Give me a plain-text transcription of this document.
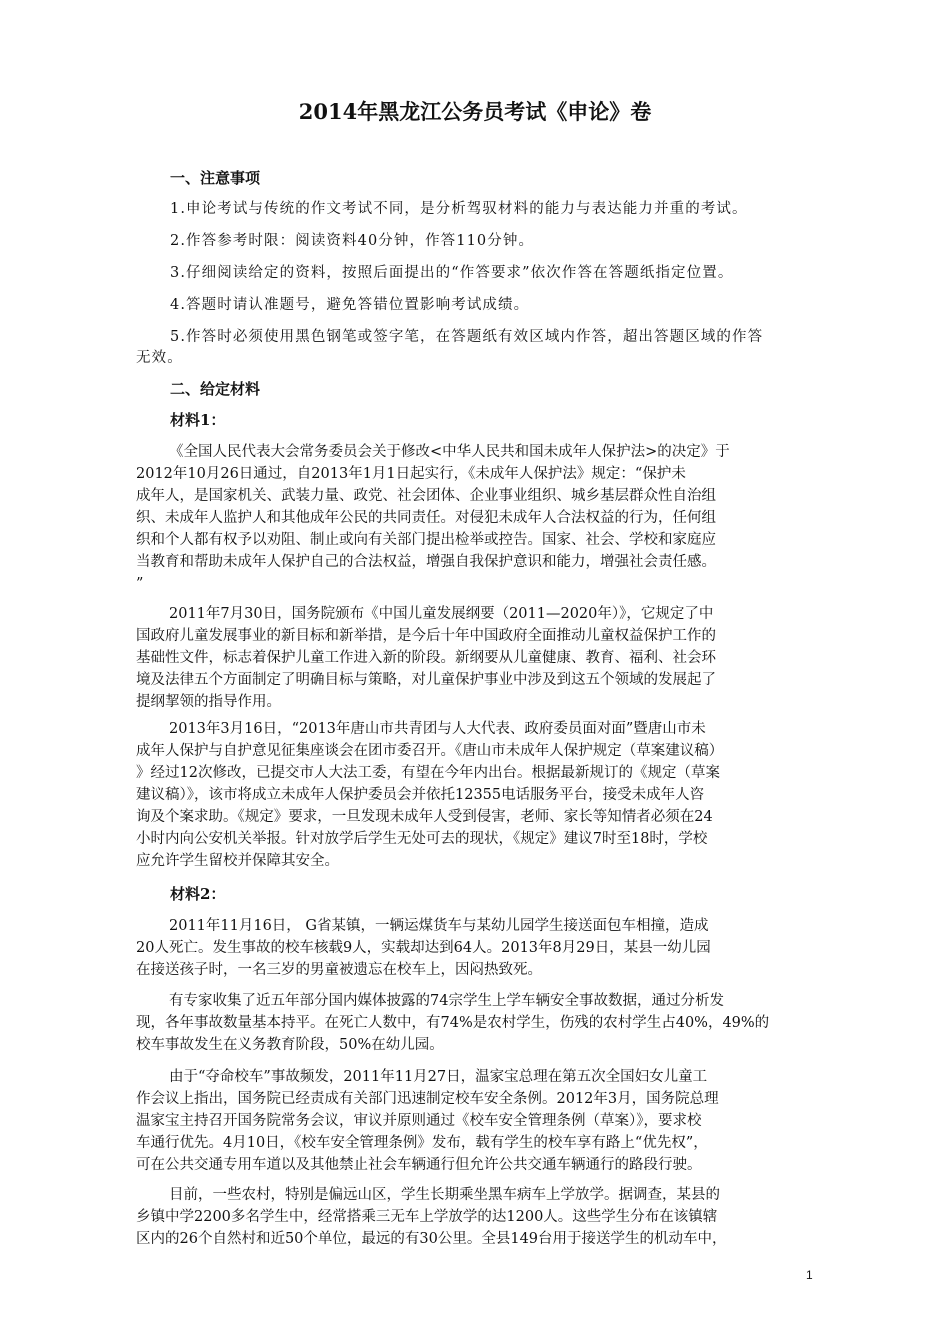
2014年黑龙江公务员考试《申论》卷
一、注意事项
1.申论考试与传统的作文考试不同，是分析驾驭材料的能力与表达能力并重的考试。
2.作答参考时限：阅读资料40分钟，作答110分钟。
3.仔细阅读给定的资料，按照后面提出的“作答要求”依次作答在答题纸指定位置。
4.答题时请认准题号，避免答错位置影响考试成绩。
5.作答时必须使用黑色钢笔或签字笔，在答题纸有效区域内作答，超出答题区域的作答
无效。
二、给定材料
材料1：
《全国人民代表大会常务委员会关于修改<中华人民共和国未成年人保护法>的决定》于
2012年10月26日通过，自2013年1月1日起实行，《未成年人保护法》规定：“保护未
成年人，是国家机关、武装力量、政党、社会团体、企业事业组织、城乡基层群众性自治组
织、未成年人监护人和其他成年公民的共同责任。对侵犯未成年人合法权益的行为，任何组
织和个人都有权予以劝阻、制止或向有关部门提出检举或控告。国家、社会、学校和家庭应
当教育和帮助未成年人保护自己的合法权益，增强自我保护意识和能力，增强社会责任感。
”
2011年7月30日，国务院颁布《中国儿童发展纲要（2011—2020年）》，它规定了中
国政府儿童发展事业的新目标和新举措，是今后十年中国政府全面推动儿童权益保护工作的
基础性文件，标志着保护儿童工作进入新的阶段。新纲要从儿童健康、教育、福利、社会环
境及法律五个方面制定了明确目标与策略，对儿童保护事业中涉及到这五个领域的发展起了
提纲挈领的指导作用。
2013年3月16日，“2013年唐山市共青团与人大代表、政府委员面对面”暨唐山市未
成年人保护与自护意见征集座谈会在团市委召开。《唐山市未成年人保护规定（草案建议稿）
》经过12次修改，已提交市人大法工委，有望在今年内出台。根据最新规订的《规定（草案
建议稿）》，该市将成立未成年人保护委员会并依托12355电话服务平台，接受未成年人咨
询及个案求助。《规定》要求，一旦发现未成年人受到侵害，老师、家长等知情者必须在24
小时内向公安机关举报。针对放学后学生无处可去的现状，《规定》建议7时至18时，学校
应允许学生留校并保障其安全。
材料2：
2011年11月16日， G省某镇，一辆运煤货车与某幼儿园学生接送面包车相撞，造成
20人死亡。发生事故的校车核载9人，实载却达到64人。2013年8月29日，某县一幼儿园
在接送孩子时，一名三岁的男童被遗忘在校车上，因闷热致死。
有专家收集了近五年部分国内媒体披露的74宗学生上学车辆安全事故数据，通过分析发
现，各年事故数量基本持平。在死亡人数中，有74%是农村学生，伤残的农村学生占40%，49%的
校车事故发生在义务教育阶段，50%在幼儿园。
由于“夺命校车”事故频发，2011年11月27日，温家宝总理在第五次全国妇女儿童工
作会议上指出，国务院已经责成有关部门迅速制定校车安全条例。2012年3月，国务院总理
温家宝主持召开国务院常务会议，审议并原则通过《校车安全管理条例（草案）》，要求校
车通行优先。4月10日，《校车安全管理条例》发布，载有学生的校车享有路上“优先权”，
可在公共交通专用车道以及其他禁止社会车辆通行但允许公共交通车辆通行的路段行驶。
目前，一些农村，特别是偏远山区，学生长期乘坐黑车病车上学放学。据调查，某县的
乡镇中学2200多名学生中，经常搭乘三无车上学放学的达1200人。这些学生分布在该镇辖
区内的26个自然村和近50个单位，最远的有30公里。全县149台用于接送学生的机动车中，
1
